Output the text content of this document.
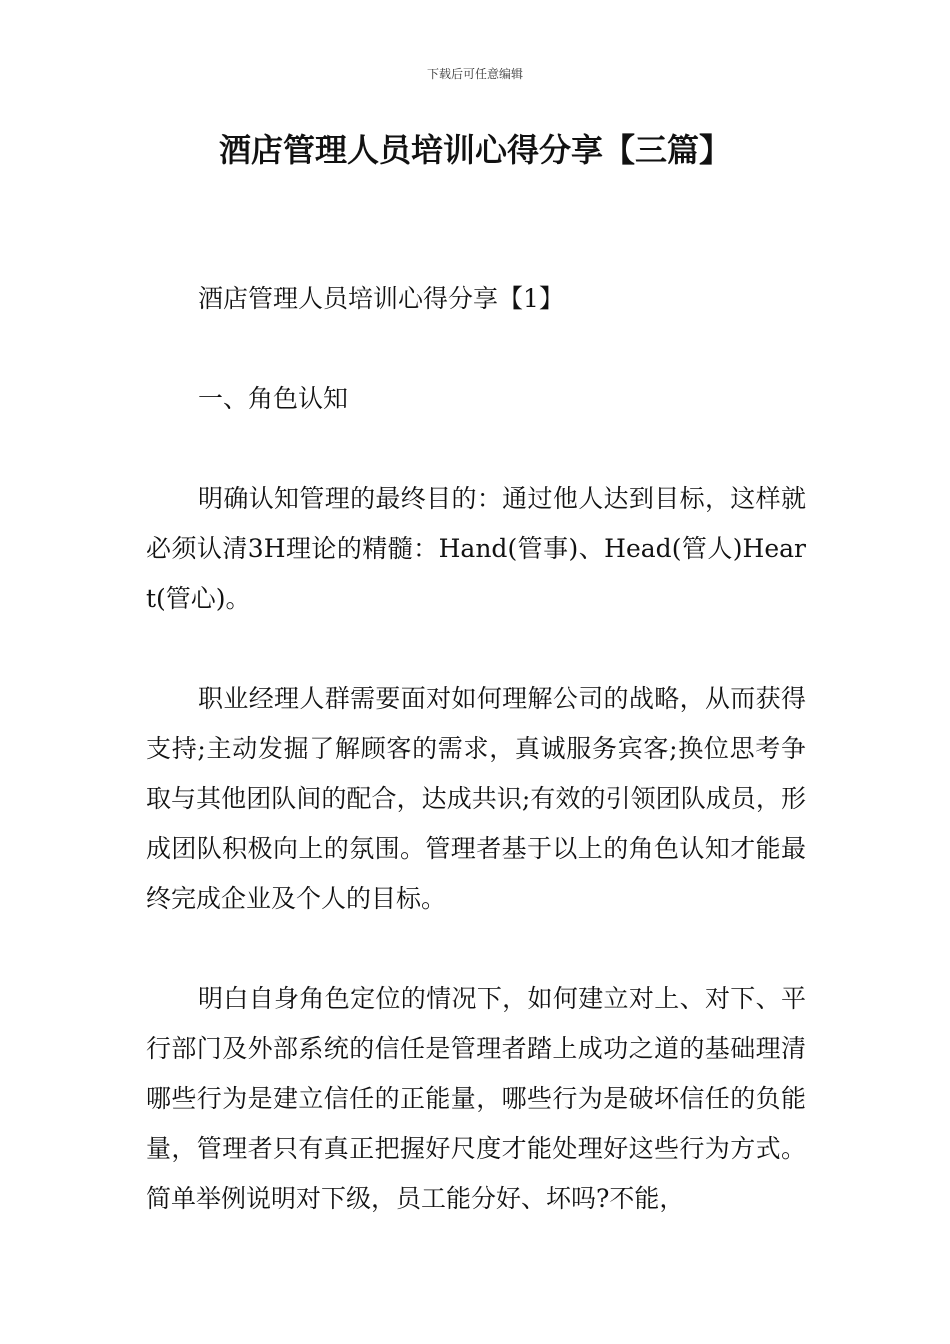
下载后可任意编辑
酒店管理人员培训心得分享【三篇】

酒店管理人员培训心得分享【1】

一、角色认知

明确认知管理的最终目的：通过他人达到目标，这样就必须认清3H理论的精髓：Hand(管事)、Head(管人)Heart(管心)。

职业经理人群需要面对如何理解公司的战略，从而获得支持;主动发掘了解顾客的需求，真诚服务宾客;换位思考争取与其他团队间的配合，达成共识;有效的引领团队成员，形成团队积极向上的氛围。管理者基于以上的角色认知才能最终完成企业及个人的目标。

明白自身角色定位的情况下，如何建立对上、对下、平行部门及外部系统的信任是管理者踏上成功之道的基础理清哪些行为是建立信任的正能量，哪些行为是破坏信任的负能量，管理者只有真正把握好尺度才能处理好这些行为方式。简单举例说明对下级，员工能分好、坏吗?不能，
